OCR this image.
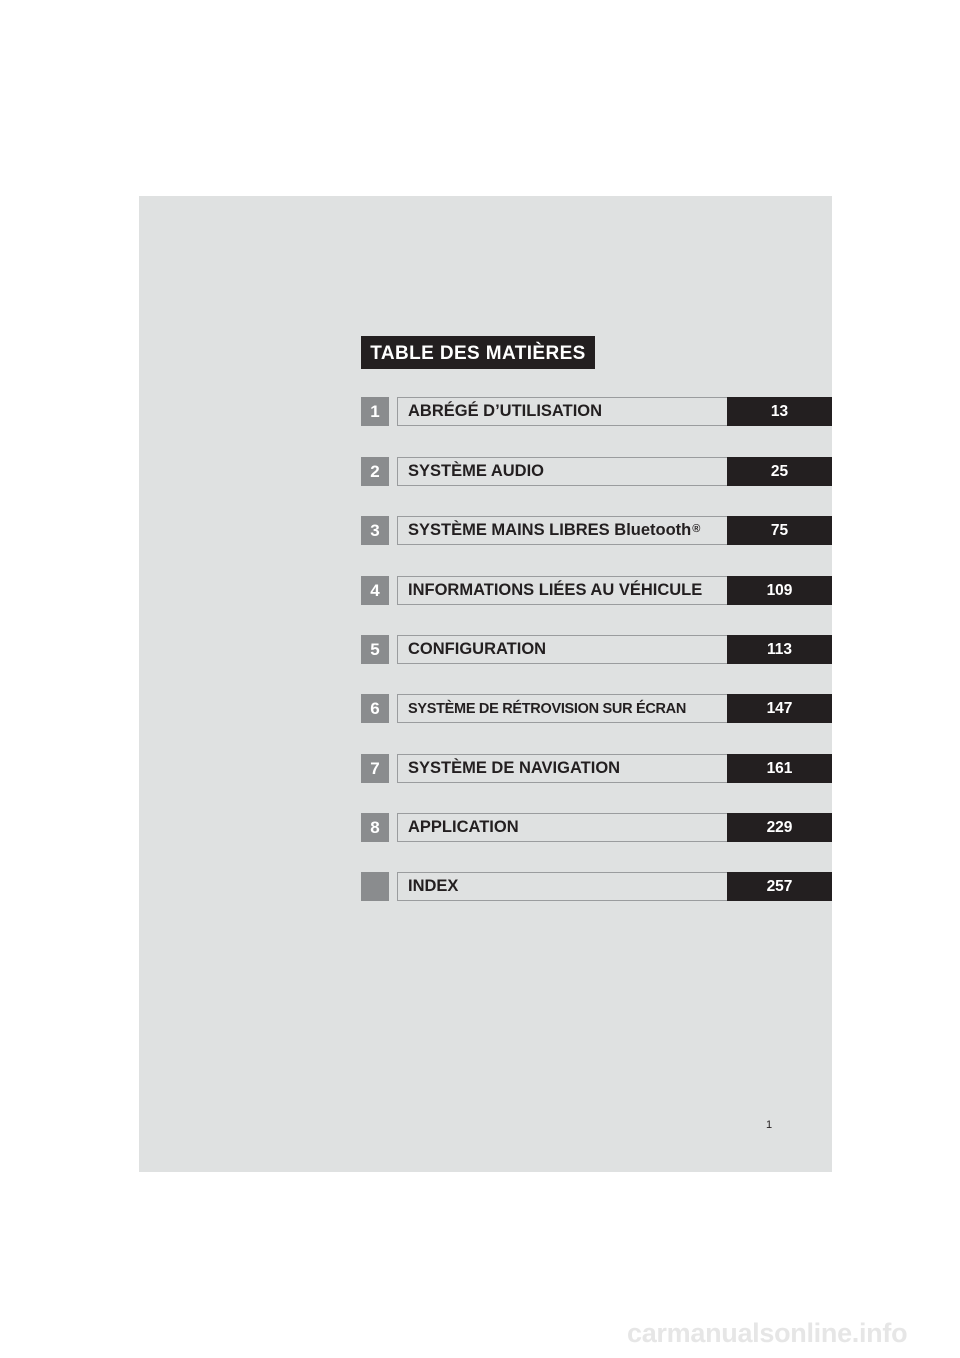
TABLE DES MATIÈRES
1	ABRÉGÉ D’UTILISATION	13
2	SYSTÈME AUDIO	25
3	SYSTÈME MAINS LIBRES Bluetooth®	75
4	INFORMATIONS LIÉES AU VÉHICULE	109
5	CONFIGURATION	113
6	SYSTÈME DE RÉTROVISION SUR ÉCRAN	147
7	SYSTÈME DE NAVIGATION	161
8	APPLICATION	229
INDEX	257
1
carmanualsonline.info
